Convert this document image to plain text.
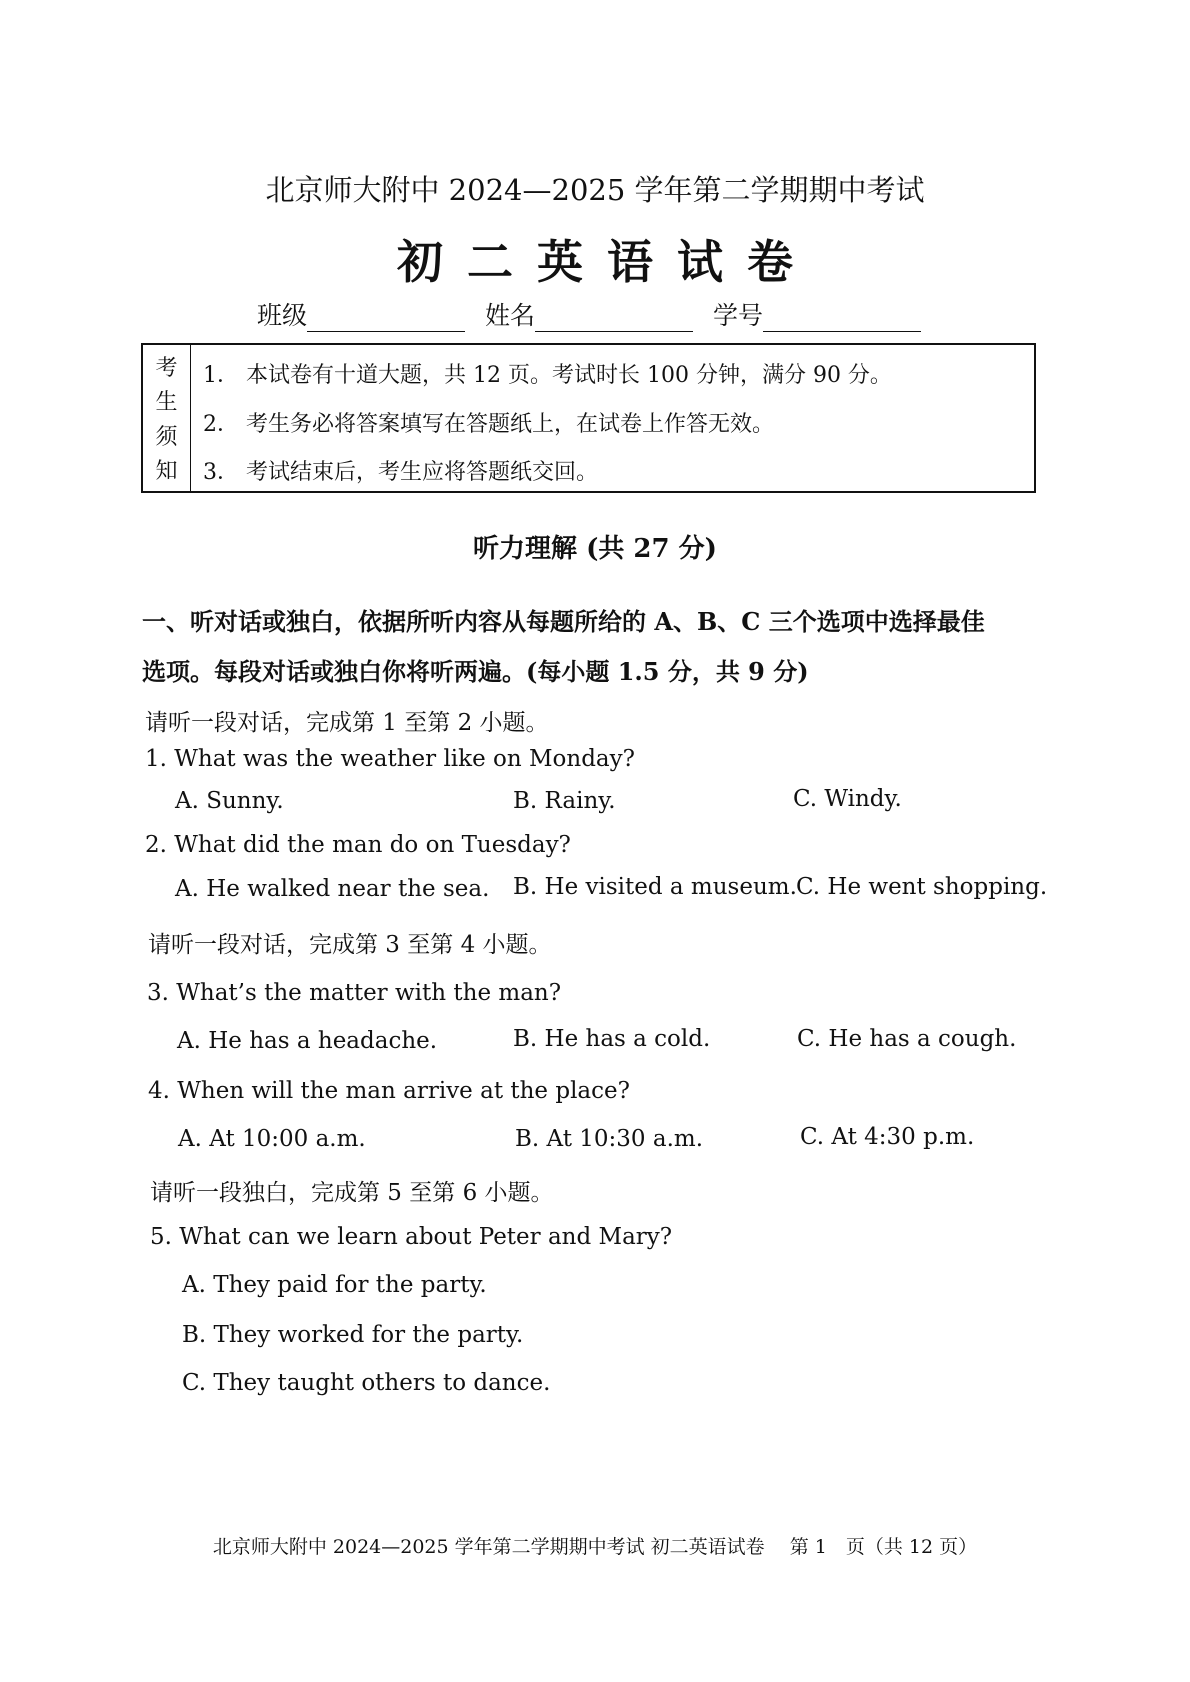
北京师大附中 2024—2025 学年第二学期期中考试
初二英语试卷
班级	姓名	学号
考
生
须
知
1． 本试卷有十道大题，共 12 页。考试时长 100 分钟，满分 90 分。
2． 考生务必将答案填写在答题纸上，在试卷上作答无效。
3． 考试结束后，考生应将答题纸交回。
听力理解 (共 27 分)
一、听对话或独白，依据所听内容从每题所给的 A、B、C 三个选项中选择最佳
选项。每段对话或独白你将听两遍。(每小题 1.5 分，共 9 分)
请听一段对话，完成第 1 至第 2 小题。
1. What was the weather like on Monday?
A. Sunny.	B. Rainy.	C. Windy.
2. What did the man do on Tuesday?
A. He walked near the sea. B. He visited a museum. C. He went shopping.
请听一段对话，完成第 3 至第 4 小题。
3. What’s the matter with the man?
A. He has a headache.	B. He has a cold.	C. He has a cough.
4. When will the man arrive at the place?
A. At 10:00 a.m.	B. At 10:30 a.m.	C. At 4:30 p.m.
请听一段独白，完成第 5 至第 6 小题。
5. What can we learn about Peter and Mary?
A. They paid for the party.
B. They worked for the party.
C. They taught others to dance.
北京师大附中 2024—2025 学年第二学期期中考试 初二英语试卷　 第 1　页（共 12 页）
